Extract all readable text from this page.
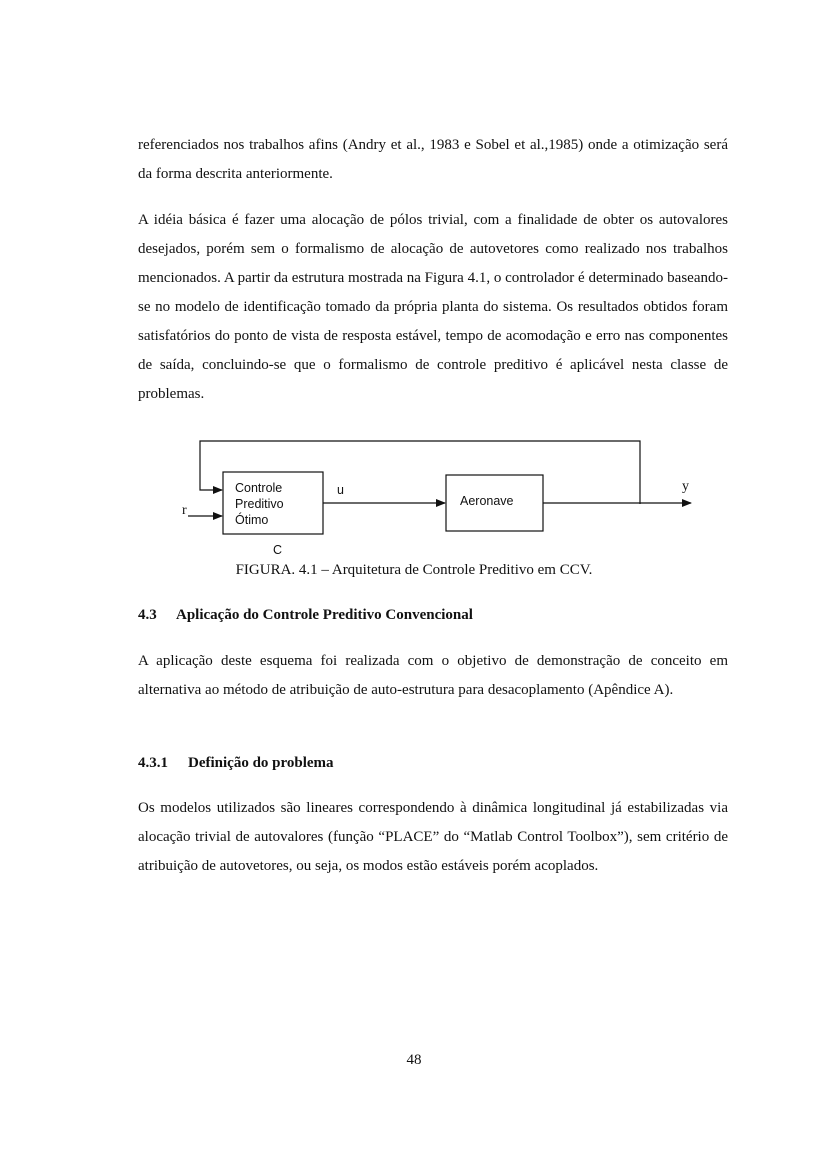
referenciados nos trabalhos afins (Andry et al., 1983 e Sobel et al.,1985) onde a otimização será da forma descrita anteriormente.
A idéia básica é fazer uma alocação de pólos trivial, com a finalidade de obter os autovalores desejados, porém sem o formalismo de alocação de autovetores como realizado nos trabalhos mencionados. A partir da estrutura mostrada na Figura 4.1, o controlador é determinado baseando-se no modelo de identificação tomado da própria planta do sistema. Os resultados obtidos foram satisfatórios do ponto de vista de resposta estável, tempo de acomodação e erro nas componentes de saída, concluindo-se que o formalismo de controle preditivo é aplicável nesta classe de problemas.
Controle
Preditivo
Ótimo
u
Aeronave
y
r
C
FIGURA. 4.1 – Arquitetura de Controle Preditivo em CCV.
4.3 Aplicação do Controle Preditivo Convencional
A aplicação deste esquema foi realizada com o objetivo de demonstração de conceito em alternativa ao método de atribuição de auto-estrutura para desacoplamento (Apêndice A).
4.3.1 Definição do problema
Os modelos utilizados são lineares correspondendo à dinâmica longitudinal já estabilizadas via alocação trivial de autovalores (função “PLACE” do “Matlab Control Toolbox”), sem critério de atribuição de autovetores, ou seja, os modos estão estáveis porém acoplados.
48
